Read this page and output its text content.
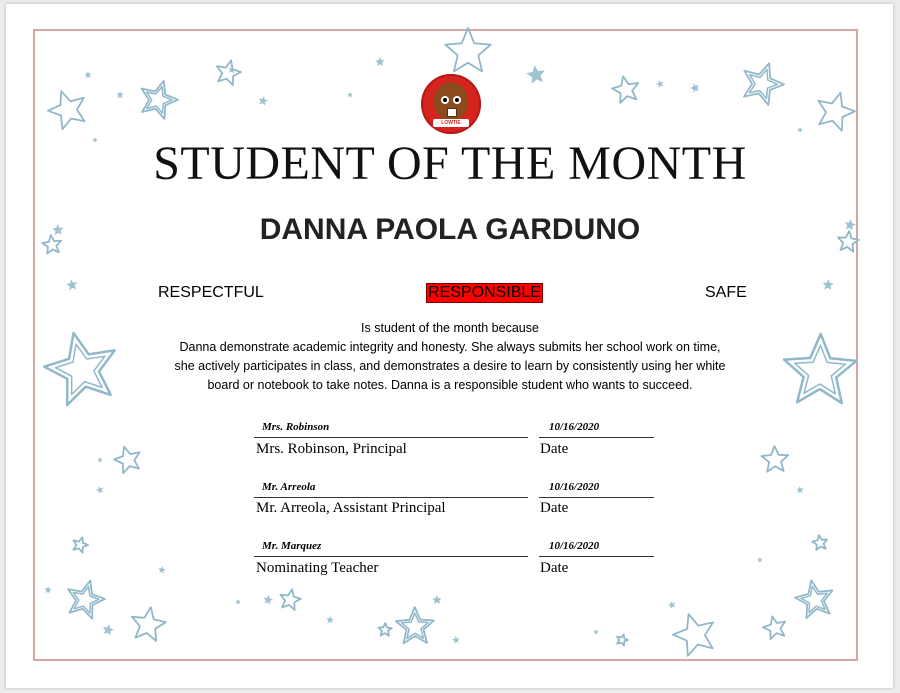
LOWTIE
STUDENT OF THE MONTH
DANNA PAOLA GARDUNO
RESPECTFUL	RESPONSIBLE	SAFE
Is student of the month because
Danna demonstrate academic integrity and honesty. She always submits her school work on time,
she actively participates in class, and demonstrates a desire to learn by consistently using her white
board or notebook to take notes. Danna is a responsible student who wants to succeed.
Mrs. Robinson
Mrs. Robinson, Principal
10/16/2020
Date
Mr. Arreola
Mr. Arreola, Assistant Principal
10/16/2020
Date
Mr. Marquez
Nominating Teacher
10/16/2020
Date
